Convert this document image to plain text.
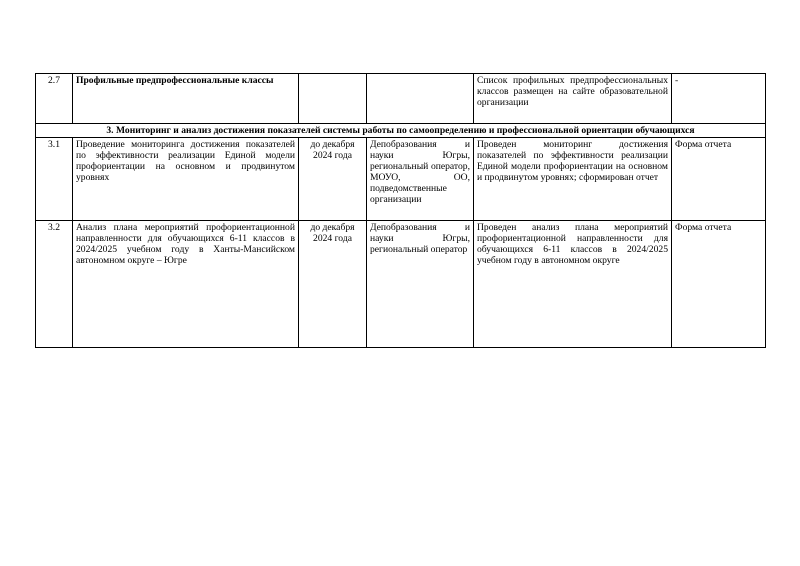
2.7	Профильные предпрофессиональные классы			Список профильных предпрофессиональных классов размещен на сайте образовательной организации	-
3. Мониторинг и анализ достижения показателей системы работы по самоопределению и профессиональной ориентации обучающихся					
3.1	Проведение мониторинга достижения показателей по эффективности реализации Единой модели профориентации на основном и продвинутом уровнях	до декабря 2024 года	Депобразования и науки Югры, региональный оператор, МОУО, ОО, подведомственные организации	Проведен мониторинг достижения показателей по эффективности реализации Единой модели профориентации на основном и продвинутом уровнях; сформирован отчет	Форма отчета
3.2	Анализ плана мероприятий профориентационной направленности для обучающихся 6-11 классов в 2024/2025 учебном году в Ханты-Мансийском автономном округе – Югре	до декабря 2024 года	Депобразования и науки Югры, региональный оператор	Проведен анализ плана мероприятий профориентационной направленности для обучающихся 6-11 классов в 2024/2025 учебном году в автономном округе	Форма отчета
